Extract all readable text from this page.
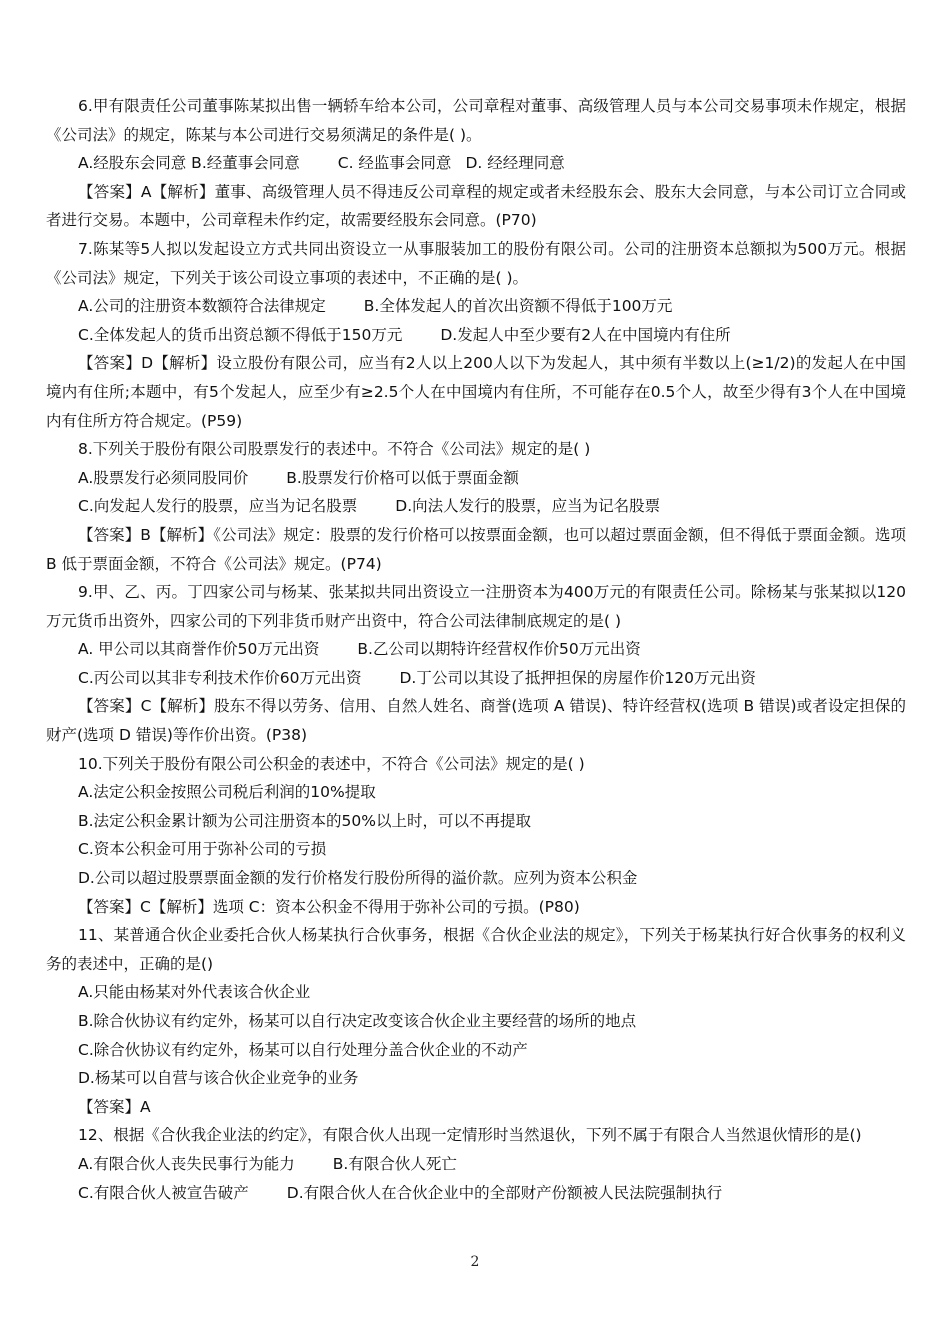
6.甲有限责任公司董事陈某拟出售一辆轿车给本公司，公司章程对董事、高级管理人员与本公司交易事项未作规定，根据《公司法》的规定，陈某与本公司进行交易须满足的条件是( )。

A.经股东会同意 B.经董事会同意 C. 经监事会同意 D. 经经理同意

【答案】A【解析】董事、高级管理人员不得违反公司章程的规定或者未经股东会、股东大会同意，与本公司订立合同或者进行交易。本题中，公司章程未作约定，故需要经股东会同意。(P70)

7.陈某等5人拟以发起设立方式共同出资设立一从事服装加工的股份有限公司。公司的注册资本总额拟为500万元。根据《公司法》规定，下列关于该公司设立事项的表述中，不正确的是( )。

A.公司的注册资本数额符合法律规定 B.全体发起人的首次出资额不得低于100万元

C.全体发起人的货币出资总额不得低于150万元 D.发起人中至少要有2人在中国境内有住所

【答案】D【解析】设立股份有限公司，应当有2人以上200人以下为发起人，其中须有半数以上(≥1/2)的发起人在中国境内有住所;本题中，有5个发起人，应至少有≥2.5个人在中国境内有住所，不可能存在0.5个人，故至少得有3个人在中国境内有住所方符合规定。(P59)

8.下列关于股份有限公司股票发行的表述中。不符合《公司法》规定的是( )

A.股票发行必须同股同价 B.股票发行价格可以低于票面金额

C.向发起人发行的股票，应当为记名股票 D.向法人发行的股票，应当为记名股票

【答案】B【解析】《公司法》规定：股票的发行价格可以按票面金额，也可以超过票面金额，但不得低于票面金额。选项 B 低于票面金额，不符合《公司法》规定。(P74)

9.甲、乙、丙。丁四家公司与杨某、张某拟共同出资设立一注册资本为400万元的有限责任公司。除杨某与张某拟以120万元货币出资外，四家公司的下列非货币财产出资中，符合公司法律制底规定的是( )

A. 甲公司以其商誉作价50万元出资 B.乙公司以期特许经营权作价50万元出资

C.丙公司以其非专利技术作价60万元出资 D.丁公司以其设了抵押担保的房屋作价120万元出资

【答案】C【解析】股东不得以劳务、信用、自然人姓名、商誉(选项 A 错误)、特许经营权(选项 B 错误)或者设定担保的财产(选项 D 错误)等作价出资。(P38)

10.下列关于股份有限公司公积金的表述中，不符合《公司法》规定的是( )

A.法定公积金按照公司税后利润的10%提取

B.法定公积金累计额为公司注册资本的50%以上时，可以不再提取

C.资本公积金可用于弥补公司的亏损

D.公司以超过股票票面金额的发行价格发行股份所得的溢价款。应列为资本公积金

【答案】C【解析】选项 C：资本公积金不得用于弥补公司的亏损。(P80)

11、某普通合伙企业委托合伙人杨某执行合伙事务，根据《合伙企业法的规定》，下列关于杨某执行好合伙事务的权利义务的表述中，正确的是()

A.只能由杨某对外代表该合伙企业

B.除合伙协议有约定外，杨某可以自行决定改变该合伙企业主要经营的场所的地点

C.除合伙协议有约定外，杨某可以自行处理分盖合伙企业的不动产

D.杨某可以自营与该合伙企业竞争的业务

【答案】A

12、根据《合伙我企业法的约定》，有限合伙人出现一定情形时当然退伙，下列不属于有限合人当然退伙情形的是()

A.有限合伙人丧失民事行为能力 B.有限合伙人死亡

C.有限合伙人被宣告破产 D.有限合伙人在合伙企业中的全部财产份额被人民法院强制执行

2
